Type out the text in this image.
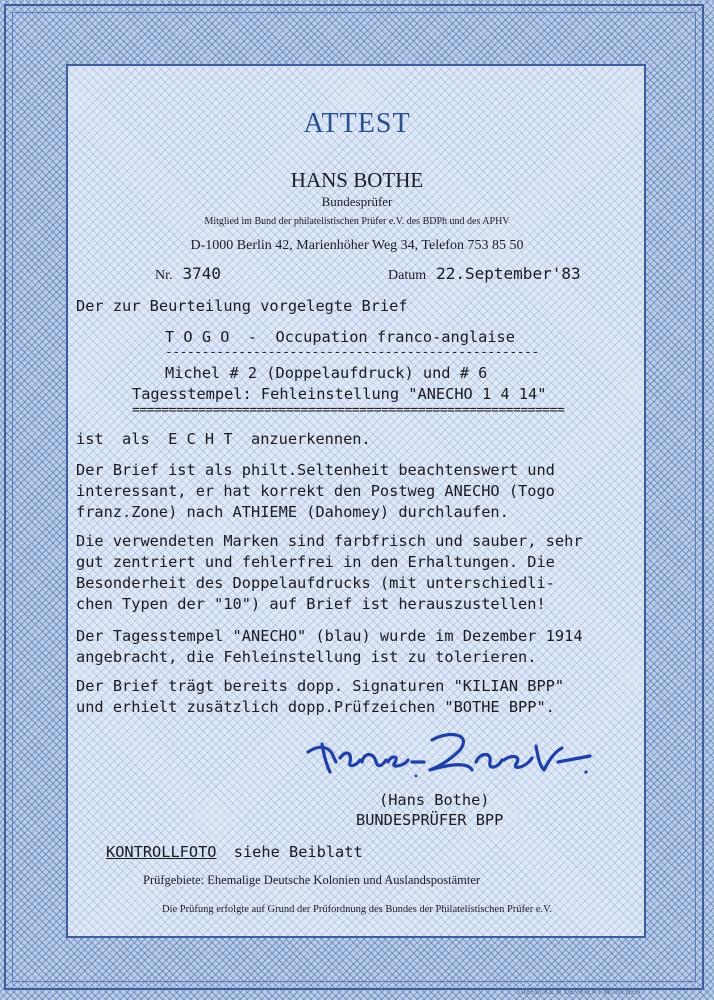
ATTEST
HANS BOTHE
Bundesprüfer
Mitglied im Bund der philatelistischen Prüfer e.V. des BDPh und des APHV
D-1000 Berlin 42, Marienhöher Weg 34, Telefon 753 85 50
Nr. 3740	Datum 22.September'83
Der zur Beurteilung vorgelegte Brief
T O G O  -  Occupation franco-anglaise
---------------------------------------------------
Michel # 2 (Doppelaufdruck) und # 6
Tagesstempel: Fehleinstellung "ANECHO 1 4 14"
===========================================================
ist  als  E C H T  anzuerkennen.
Der Brief ist als philt.Seltenheit beachtenswert und
interessant, er hat korrekt den Postweg ANECHO (Togo
franz.Zone) nach ATHIEME (Dahomey) durchlaufen.
Die verwendeten Marken sind farbfrisch und sauber, sehr
gut zentriert und fehlerfrei in den Erhaltungen. Die
Besonderheit des Doppelaufdrucks (mit unterschiedli-
chen Typen der "10") auf Brief ist herauszustellen!
Der Tagesstempel "ANECHO" (blau) wurde im Dezember 1914
angebracht, die Fehleinstellung ist zu tolerieren.
Der Brief trägt bereits dopp. Signaturen "KILIAN BPP"
und erhielt zusätzlich dopp.Prüfzeichen "BOTHE BPP".
(Hans Bothe)
BUNDESPRÜFER BPP
KONTROLLFOTO siehe Beiblatt
Prüfgebiete: Ehemalige Deutsche Kolonien und Auslandspostämter
Die Prüfung erfolgte auf Grund der Prüfordnung des Bundes der Philatelistischen Prüfer e.V.
GIESECKE & DEVRIENT MÜNCHEN
